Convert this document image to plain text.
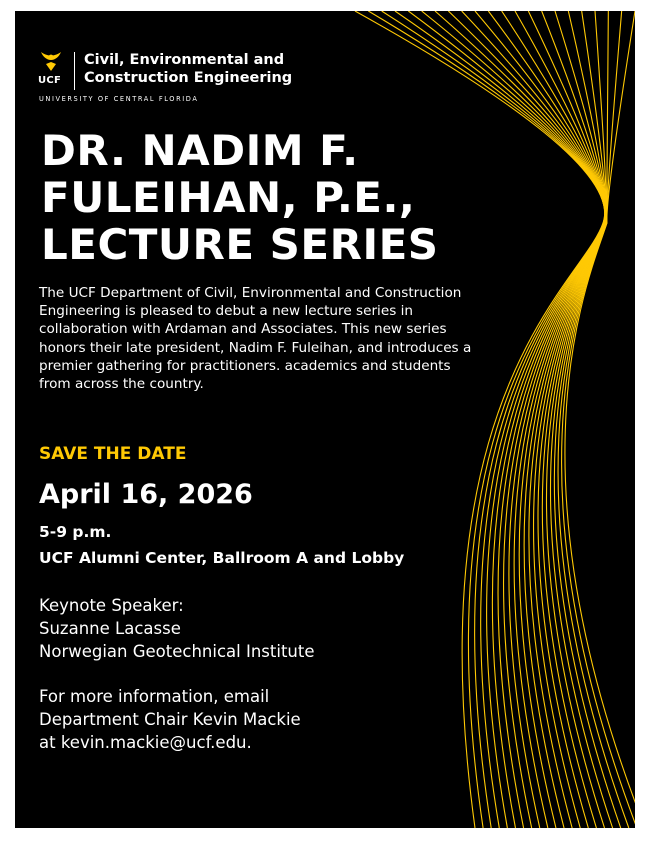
UCF
Civil, Environmental and
Construction Engineering
UNIVERSITY OF CENTRAL FLORIDA
DR. NADIM F.
FULEIHAN, P.E.,
LECTURE SERIES

The UCF Department of Civil, Environmental and Construction Engineering is pleased to debut a new lecture series in collaboration with Ardaman and Associates. This new series honors their late president, Nadim F. Fuleihan, and introduces a premier gathering for practitioners. academics and students from across the country.

SAVE THE DATE
April 16, 2026
5-9 p.m.
UCF Alumni Center, Ballroom A and Lobby
Keynote Speaker:
Suzanne Lacasse
Norwegian Geotechnical Institute
For more information, email
Department Chair Kevin Mackie
at kevin.mackie@ucf.edu.
